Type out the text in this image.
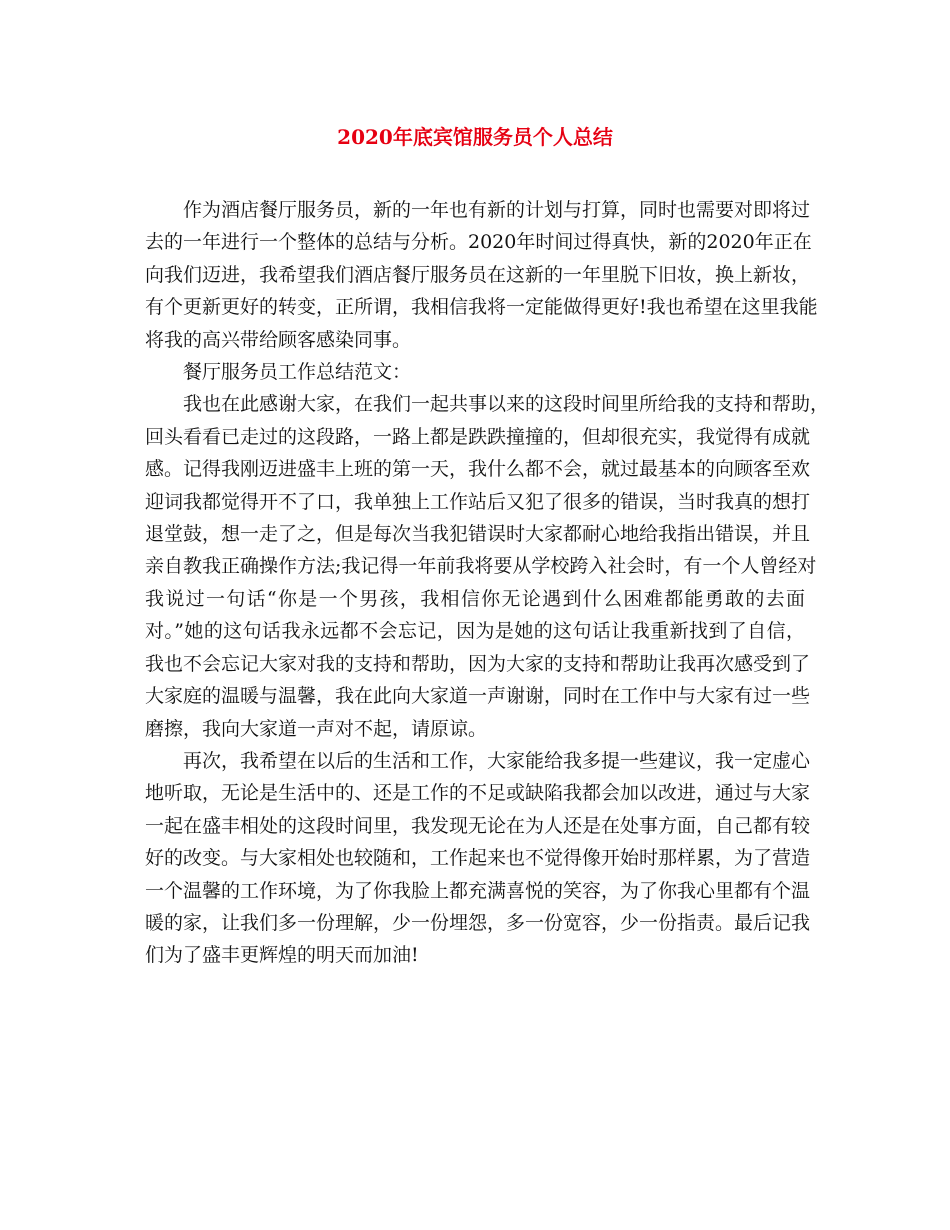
2020年底宾馆服务员个人总结

作为酒店餐厅服务员，新的一年也有新的计划与打算，同时也需要对即将过
去的一年进行一个整体的总结与分析。2020年时间过得真快，新的2020年正在
向我们迈进，我希望我们酒店餐厅服务员在这新的一年里脱下旧妆，换上新妆，
有个更新更好的转变，正所谓，我相信我将一定能做得更好!我也希望在这里我能
将我的高兴带给顾客感染同事。

餐厅服务员工作总结范文：

我也在此感谢大家，在我们一起共事以来的这段时间里所给我的支持和帮助，
回头看看已走过的这段路，一路上都是跌跌撞撞的，但却很充实，我觉得有成就
感。记得我刚迈进盛丰上班的第一天，我什么都不会，就过最基本的向顾客至欢
迎词我都觉得开不了口，我单独上工作站后又犯了很多的错误，当时我真的想打
退堂鼓，想一走了之，但是每次当我犯错误时大家都耐心地给我指出错误，并且
亲自教我正确操作方法;我记得一年前我将要从学校跨入社会时，有一个人曾经对
我说过一句话“你是一个男孩，我相信你无论遇到什么困难都能勇敢的去面
对。”她的这句话我永远都不会忘记，因为是她的这句话让我重新找到了自信，
我也不会忘记大家对我的支持和帮助，因为大家的支持和帮助让我再次感受到了
大家庭的温暖与温馨，我在此向大家道一声谢谢，同时在工作中与大家有过一些
磨擦，我向大家道一声对不起，请原谅。

再次，我希望在以后的生活和工作，大家能给我多提一些建议，我一定虚心
地听取，无论是生活中的、还是工作的不足或缺陷我都会加以改进，通过与大家
一起在盛丰相处的这段时间里，我发现无论在为人还是在处事方面，自己都有较
好的改变。与大家相处也较随和，工作起来也不觉得像开始时那样累，为了营造
一个温馨的工作环境，为了你我脸上都充满喜悦的笑容，为了你我心里都有个温
暖的家，让我们多一份理解，少一份埋怨，多一份宽容，少一份指责。最后记我
们为了盛丰更辉煌的明天而加油!
